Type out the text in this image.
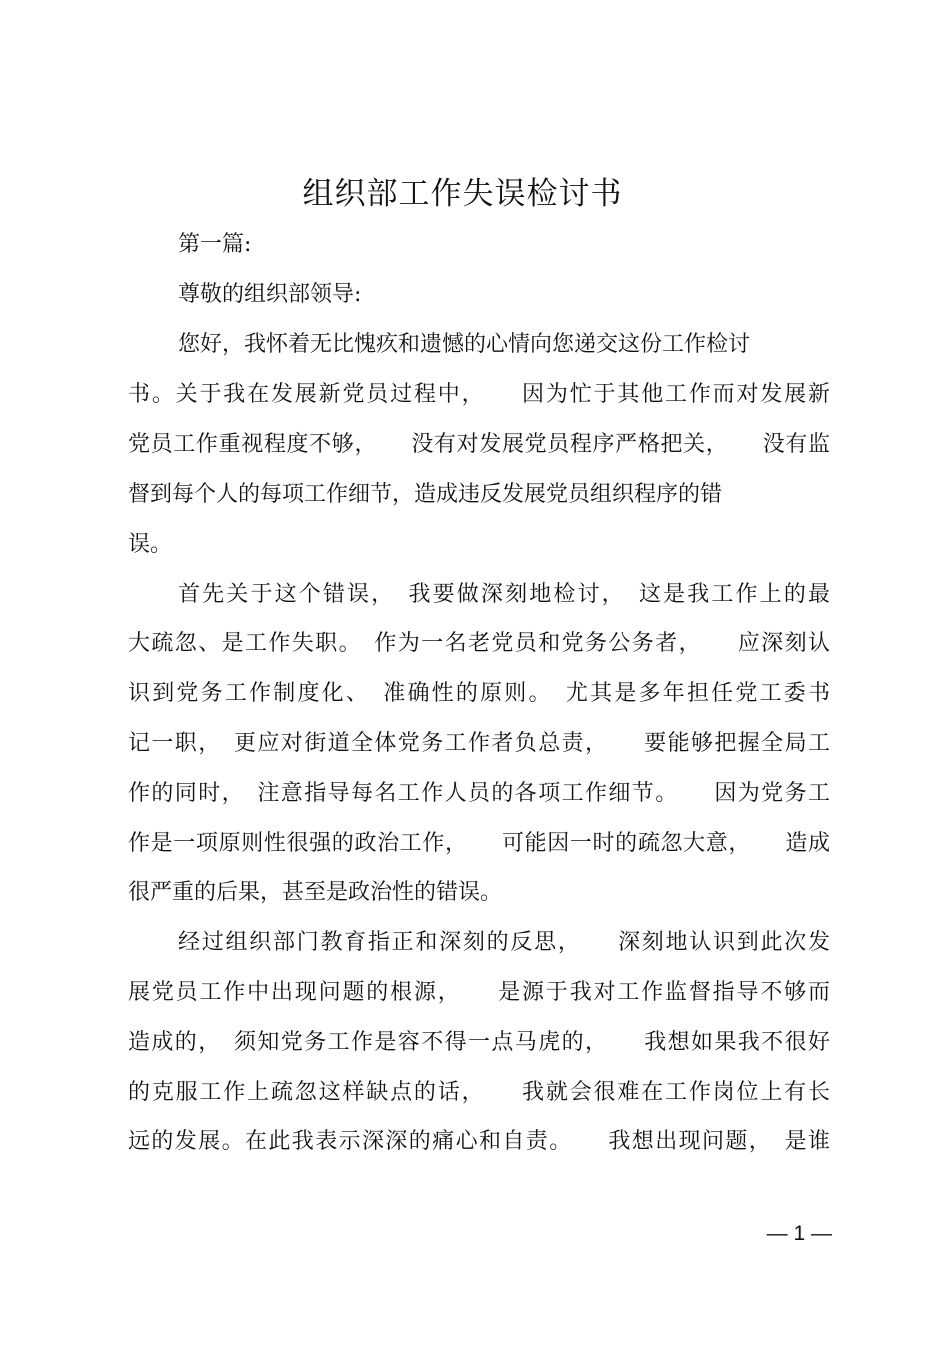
组织部工作失误检讨书
第一篇:
尊敬的组织部领导:
您好，我怀着无比愧疚和遗憾的心情向您递交这份工作检讨
书。关于我在发展新党员过程中，　　因为忙于其他工作而对发展新
党员工作重视程度不够，　　没有对发展党员程序严格把关，　　没有监
督到每个人的每项工作细节，造成违反发展党员组织程序的错
误。
首先关于这个错误，　我要做深刻地检讨，　这是我工作上的最
大疏忽、是工作失职。　作为一名老党员和党务公务者，　　应深刻认
识到党务工作制度化、　准确性的原则。　尤其是多年担任党工委书
记一职，　更应对街道全体党务工作者负总责，　　要能够把握全局工
作的同时，　注意指导每名工作人员的各项工作细节。　　因为党务工
作是一项原则性很强的政治工作，　　可能因一时的疏忽大意，　　造成
很严重的后果，甚至是政治性的错误。
经过组织部门教育指正和深刻的反思，　　深刻地认识到此次发
展党员工作中出现问题的根源，　　是源于我对工作监督指导不够而
造成的，　须知党务工作是容不得一点马虎的，　　我想如果我不很好
的克服工作上疏忽这样缺点的话，　　我就会很难在工作岗位上有长
远的发展。在此我表示深深的痛心和自责。　　我想出现问题，　是谁
— 1 —
